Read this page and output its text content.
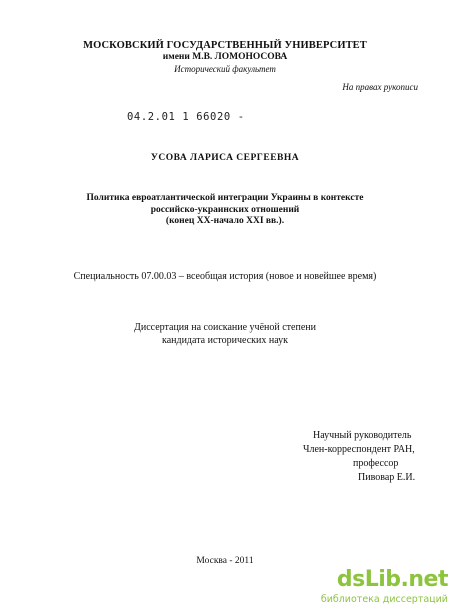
МОСКОВСКИЙ ГОСУДАРСТВЕННЫЙ УНИВЕРСИТЕТ
имени М.В. ЛОМОНОСОВА
Исторический факультет
На правах рукописи
04.2.01 1 66020 ‑
УСОВА ЛАРИСА СЕРГЕЕВНА
Политика евроатлантической интеграции Украины в контексте
российско-украинских отношений
(конец XX-начало XXI вв.).
Специальность 07.00.03 – всеобщая история (новое и новейшее время)
Диссертация на соискание учёной степени
кандидата исторических наук
Научный руководитель
Член-корреспондент РАН,
профессор
Пивовар Е.И.
Москва - 2011
dsLib.net
библиотека диссертаций
